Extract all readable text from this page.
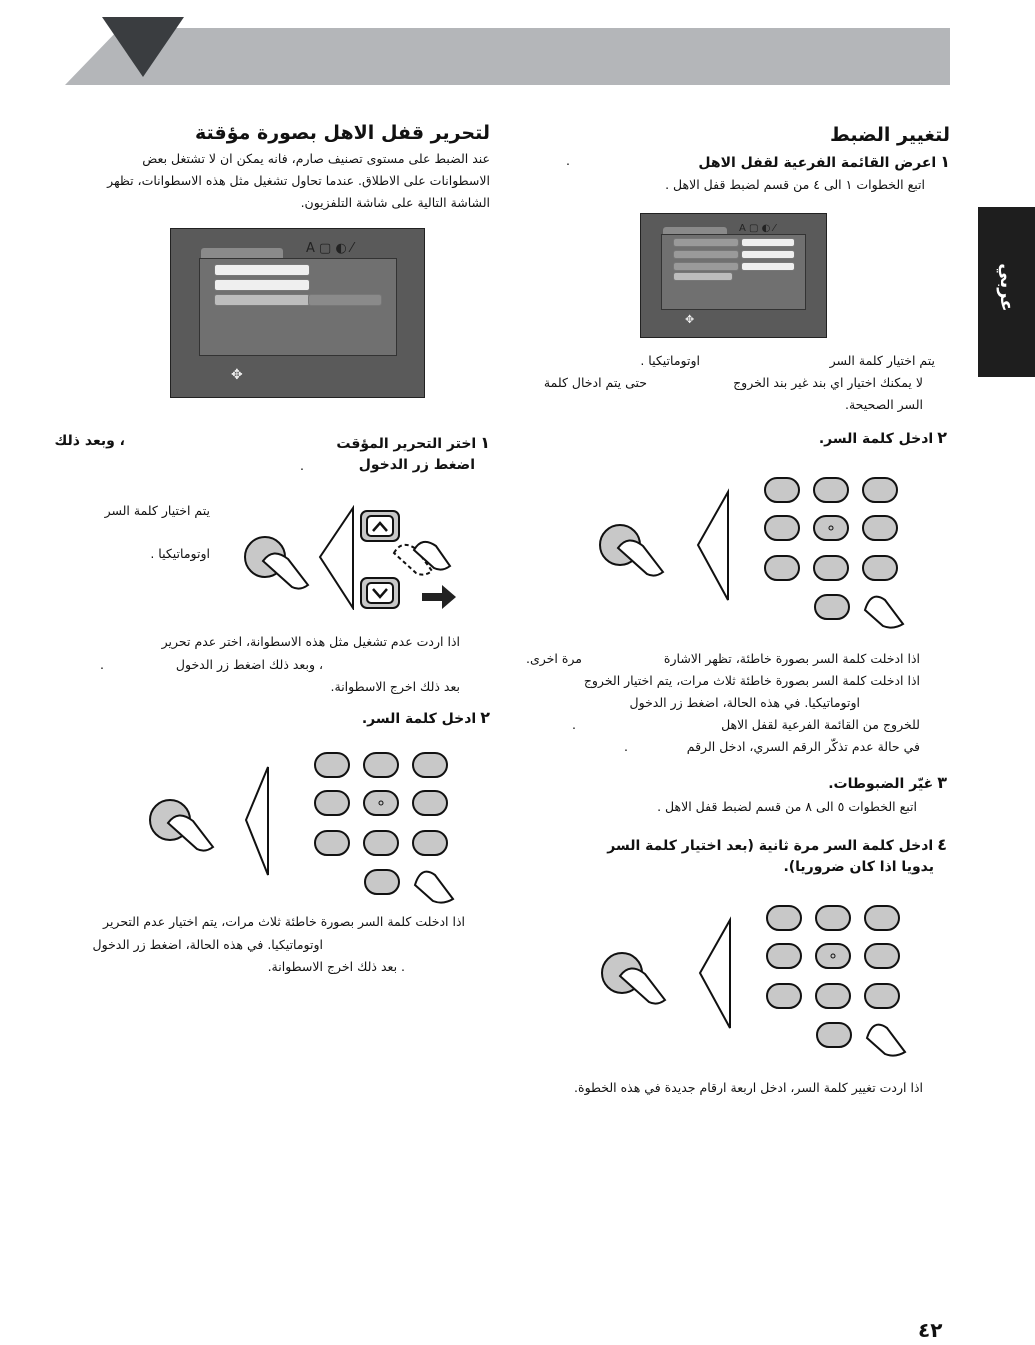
عربي
لتغيير الضبط
١اعرض القائمة الفرعية لقفل الاهل
.
اتبع الخطوات ١ الى ٤ من قسم لضبط قفل الاهل .
A ▢ ◐ ⁄
✥
يتم اختيار كلمة السر
اوتوماتيكيا .
لا يمكنك اختيار اي بند غير بند الخروج
حتى يتم ادخال كلمة
السر الصحيحة.
٢ادخل كلمة السر.
اذا ادخلت كلمة السر بصورة خاطئة، تظهر الاشارة
مرة اخرى.
اذا ادخلت كلمة السر بصورة خاطئة ثلاث مرات، يتم اختيار الخروج
اوتوماتيكيا. في هذه الحالة، اضغط زر الدخول
للخروج من القائمة الفرعية لقفل الاهل
.
في حالة عدم تذكّر الرقم السري، ادخل الرقم
.
٣غيّر الضبوطات.
اتبع الخطوات ٥ الى ٨ من قسم لضبط قفل الاهل .
٤ادخل كلمة السر مرة ثانية (بعد اختيار كلمة السر
يدويا اذا كان ضروريا).
اذا اردت تغيير كلمة السر، ادخل اربعة ارقام جديدة في هذه الخطوة.
لتحرير قفل الاهل بصورة مؤقتة
عند الضبط على مستوى تصنيف صارم، فانه يمكن ان لا تشتغل بعض
الاسطوانات على الاطلاق. عندما تحاول تشغيل مثل هذه الاسطوانات، تظهر
الشاشة التالية على شاشة التلفزيون.
A ▢ ◐ ⁄
✥
١اختر التحرير المؤقت
، وبعد ذلك
اضغط زر الدخول
.
يتم اختيار كلمة السر
اوتوماتيكيا .
اذا اردت عدم تشغيل مثل هذه الاسطوانة، اختر عدم تحرير
، وبعد ذلك اضغط زر الدخول
.
بعد ذلك اخرج الاسطوانة.
٢ادخل كلمة السر.
اذا ادخلت كلمة السر بصورة خاطئة ثلاث مرات، يتم اختيار عدم التحرير
اوتوماتيكيا. في هذه الحالة، اضغط زر الدخول
. بعد ذلك اخرج الاسطوانة.
٤٢
